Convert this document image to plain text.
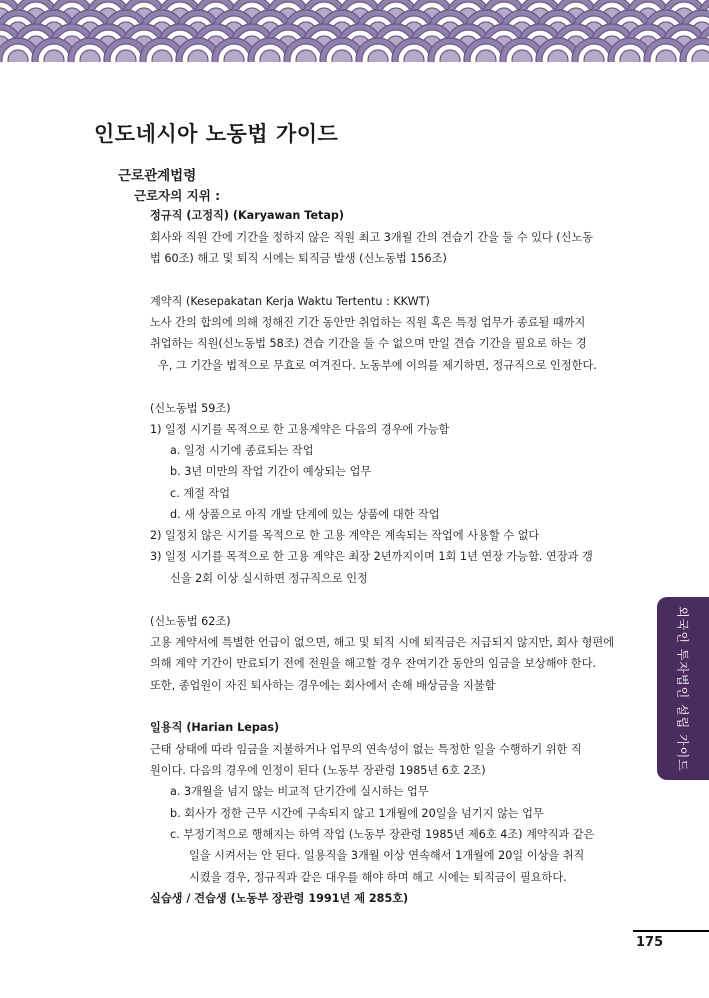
인도네시아 노동법 가이드
근로관계법령
근로자의 지위 :
정규직 (고정직) (Karyawan Tetap)
회사와 직원 간에 기간을 정하지 않은 직원 최고 3개월 간의 견습기 간을 둘 수 있다 (신노동
법 60조) 해고 및 퇴직 시에는 퇴직금 발생 (신노동법 156조)
계약직 (Kesepakatan Kerja Waktu Tertentu : KKWT)
노사 간의 합의에 의해 정해진 기간 동안만 취업하는 직원 혹은 특정 업무가 종료될 때까지
취업하는 직원(신노동법 58조) 견습 기간을 둘 수 없으며 만일 견습 기간을 필요로 하는 경
우, 그 기간을 법적으로 무효로 여겨진다. 노동부에 이의를 제기하면, 정규직으로 인정한다.
(신노동법 59조)
1) 일정 시기를 목적으로 한 고용계약은 다음의 경우에 가능함
a. 일정 시기에 종료되는 작업
b. 3년 미만의 작업 기간이 예상되는 업무
c. 계절 작업
d. 새 상품으로 아직 개발 단계에 있는 상품에 대한 작업
2) 일정치 않은 시기를 목적으로 한 고용 계약은 계속되는 작업에 사용할 수 없다
3) 일정 시기를 목적으로 한 고용 계약은 최장 2년까지이며 1회 1년 연장 가능함. 연장과 갱
신을 2회 이상 실시하면 정규직으로 인정
(신노동법 62조)
고용 계약서에 특별한 언급이 없으면, 해고 및 퇴직 시에 퇴직금은 지급되지 않지만, 회사 형편에
의해 계약 기간이 만료되기 전에 전원을 해고할 경우 잔여기간 동안의 임금을 보상해야 한다.
또한, 종업원이 자진 퇴사하는 경우에는 회사에서 손해 배상금을 지불함
일용직 (Harian Lepas)
근태 상태에 따라 임금을 지불하거나 업무의 연속성이 없는 특정한 일을 수행하기 위한 직
원이다. 다음의 경우에 인정이 된다 (노동부 장관령 1985년 6호 2조)
a. 3개월을 넘지 않는 비교적 단기간에 실시하는 업무
b. 회사가 정한 근무 시간에 구속되지 않고 1개월에 20일을 넘기지 않는 업무
c. 부정기적으로 행해지는 하역 작업 (노동부 장관령 1985년 제6호 4조) 계약직과 같은
일을 시켜서는 안 된다. 일용직을 3개월 이상 연속해서 1개월에 20일 이상을 취직
시켰을 경우, 정규직과 같은 대우를 해야 하며 해고 시에는 퇴직금이 필요하다.
실습생 / 견습생 (노동부 장관령 1991년 제 285호)
외국인 투자법인 설립 가이드
175
